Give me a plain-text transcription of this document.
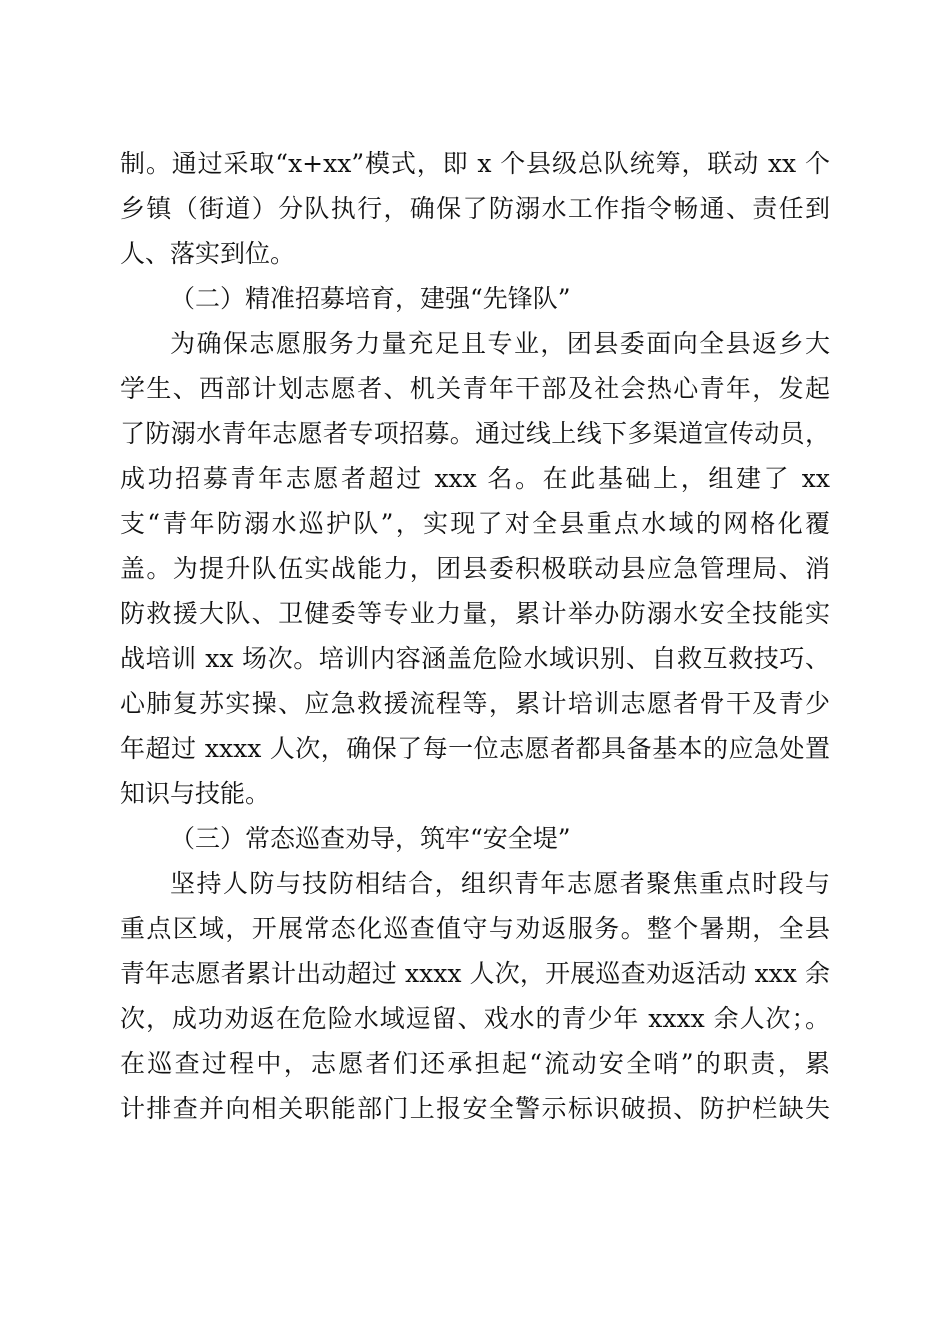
制。通过采取“x+xx”模式，即 x 个县级总队统筹，联动 xx 个
乡镇（街道）分队执行，确保了防溺水工作指令畅通、责任到
人、落实到位。
（二）精准招募培育，建强“先锋队”
为确保志愿服务力量充足且专业，团县委面向全县返乡大
学生、西部计划志愿者、机关青年干部及社会热心青年，发起
了防溺水青年志愿者专项招募。通过线上线下多渠道宣传动员，
成功招募青年志愿者超过 xxx 名。在此基础上，组建了 xx
支“青年防溺水巡护队”，实现了对全县重点水域的网格化覆
盖。为提升队伍实战能力，团县委积极联动县应急管理局、消
防救援大队、卫健委等专业力量，累计举办防溺水安全技能实
战培训 xx 场次。培训内容涵盖危险水域识别、自救互救技巧、
心肺复苏实操、应急救援流程等，累计培训志愿者骨干及青少
年超过 xxxx 人次，确保了每一位志愿者都具备基本的应急处置
知识与技能。
（三）常态巡查劝导，筑牢“安全堤”
坚持人防与技防相结合，组织青年志愿者聚焦重点时段与
重点区域，开展常态化巡查值守与劝返服务。整个暑期，全县
青年志愿者累计出动超过 xxxx 人次，开展巡查劝返活动 xxx 余
次，成功劝返在危险水域逗留、戏水的青少年 xxxx 余人次；。
在巡查过程中，志愿者们还承担起“流动安全哨”的职责，累
计排查并向相关职能部门上报安全警示标识破损、防护栏缺失
